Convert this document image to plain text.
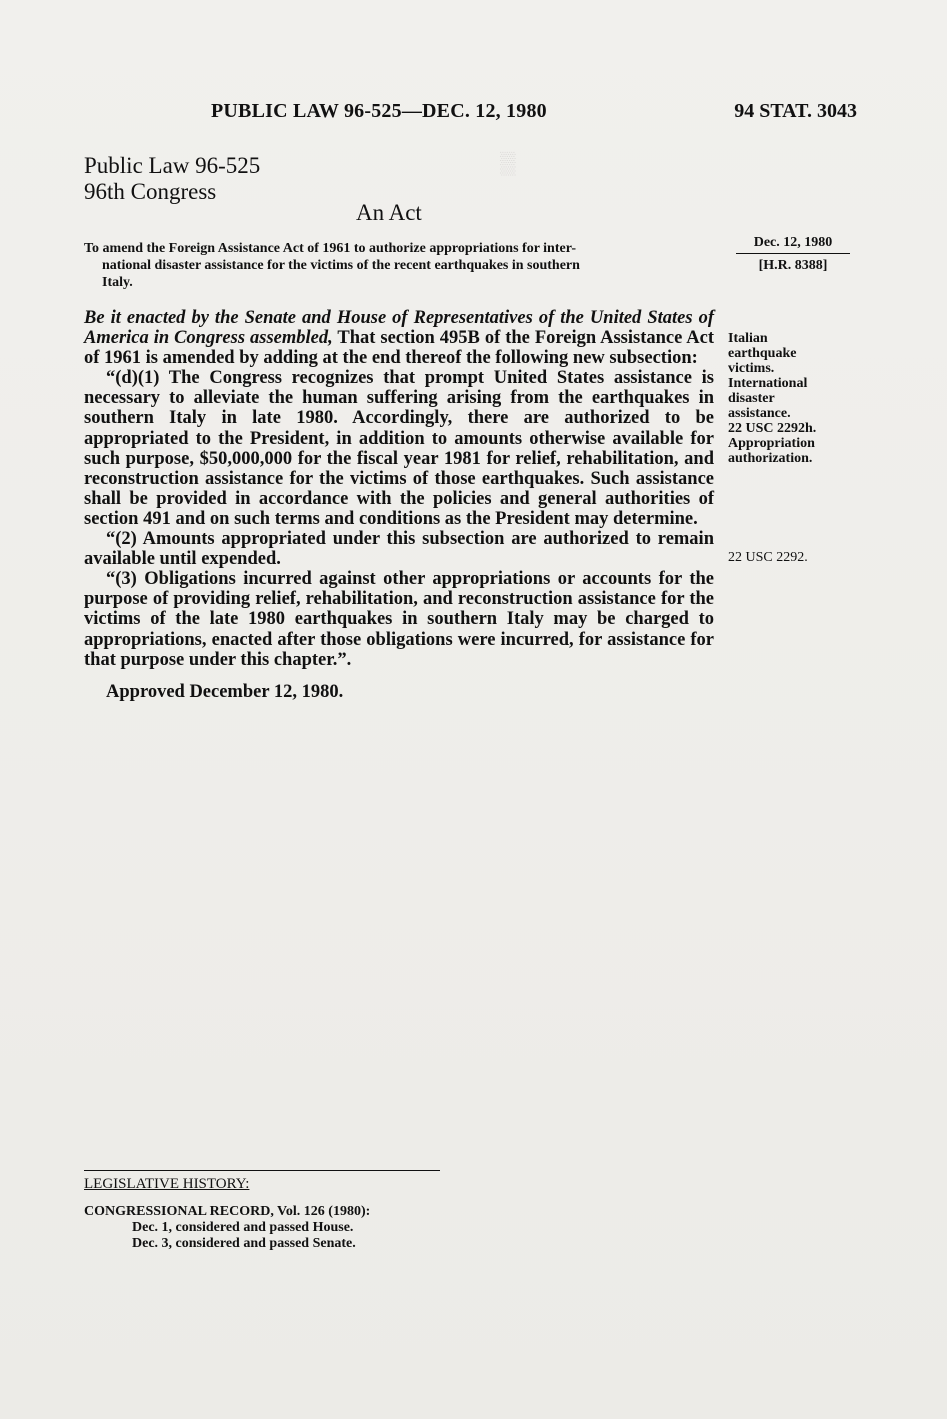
▒
PUBLIC LAW 96-525—DEC. 12, 1980	94 STAT. 3043
Public Law 96-525
96th Congress
An Act
To amend the Foreign Assistance Act of 1961 to authorize appropriations for inter-
national disaster assistance for the victims of the recent earthquakes in southern
Italy.
Dec. 12, 1980
[H.R. 8388]

Be it enacted by the Senate and House of Representatives of the United States of America in Congress assembled, That section 495B of the Foreign Assistance Act of 1961 is amended by adding at the end thereof the following new subsection:

“(d)(1) The Congress recognizes that prompt United States assistance is necessary to alleviate the human suffering arising from the earthquakes in southern Italy in late 1980. Accordingly, there are authorized to be appropriated to the President, in addition to amounts otherwise available for such purpose, $50,000,000 for the fiscal year 1981 for relief, rehabilitation, and reconstruction assistance for the victims of those earthquakes. Such assistance shall be provided in accordance with the policies and general authorities of section 491 and on such terms and conditions as the President may determine.

“(2) Amounts appropriated under this subsection are authorized to remain available until expended.

“(3) Obligations incurred against other appropriations or accounts for the purpose of providing relief, rehabilitation, and reconstruction assistance for the victims of the late 1980 earthquakes in southern Italy may be charged to appropriations, enacted after those obligations were incurred, for assistance for that purpose under this chapter.”.

Approved December 12, 1980.

Italian
earthquake
victims.
International
disaster
assistance.
22 USC 2292h.
Appropriation
authorization.
22 USC 2292.
LEGISLATIVE HISTORY:
CONGRESSIONAL RECORD, Vol. 126 (1980):
Dec. 1, considered and passed House.
Dec. 3, considered and passed Senate.
